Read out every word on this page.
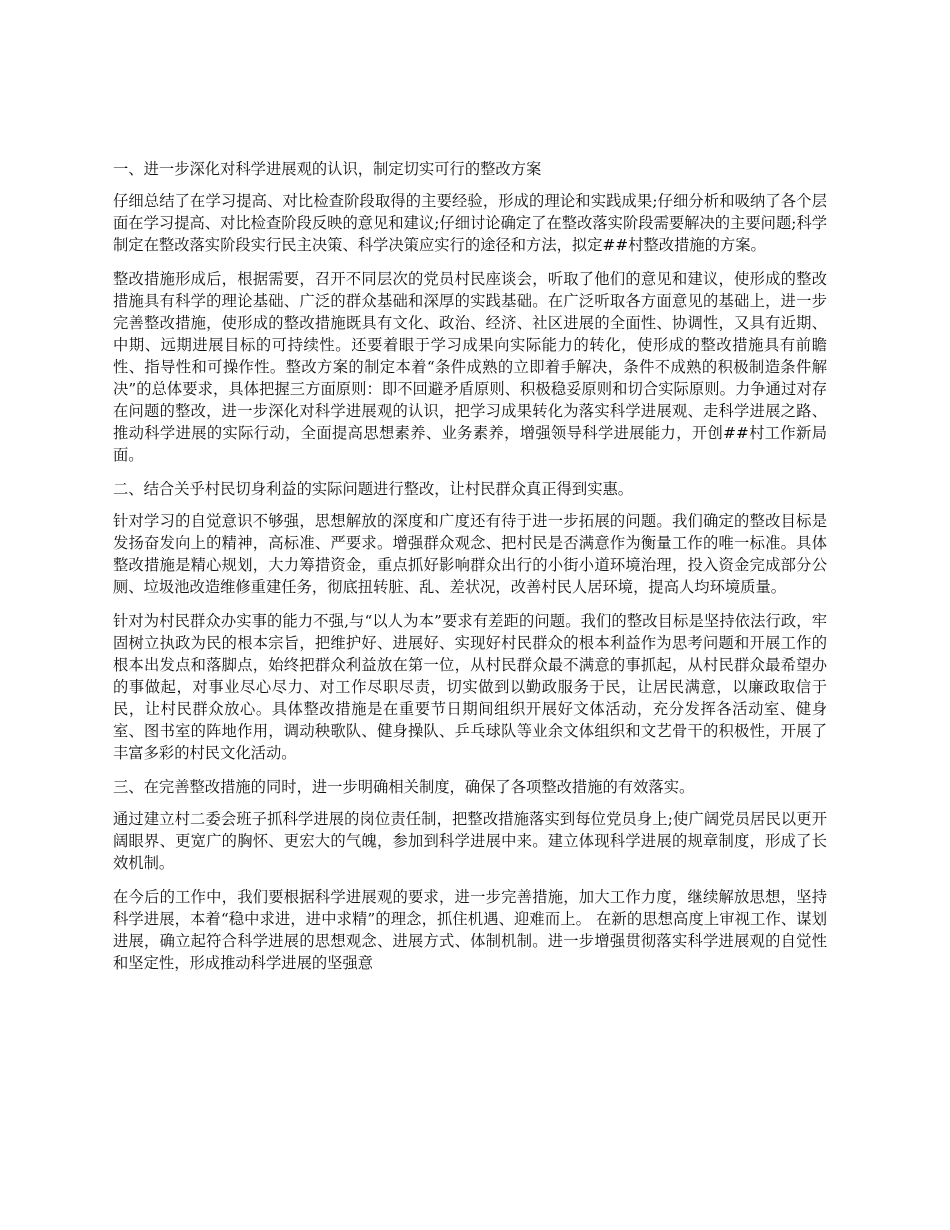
一、进一步深化对科学进展观的认识，制定切实可行的整改方案

仔细总结了在学习提高、对比检查阶段取得的主要经验，形成的理论和实践成果;仔细分析和吸纳了各个层面在学习提高、对比检查阶段反映的意见和建议;仔细讨论确定了在整改落实阶段需要解决的主要问题;科学制定在整改落实阶段实行民主决策、科学决策应实行的途径和方法，拟定##村整改措施的方案。

整改措施形成后，根据需要，召开不同层次的党员村民座谈会，听取了他们的意见和建议，使形成的整改措施具有科学的理论基础、广泛的群众基础和深厚的实践基础。在广泛听取各方面意见的基础上，进一步完善整改措施，使形成的整改措施既具有文化、政治、经济、社区进展的全面性、协调性，又具有近期、中期、远期进展目标的可持续性。还要着眼于学习成果向实际能力的转化，使形成的整改措施具有前瞻性、指导性和可操作性。整改方案的制定本着“条件成熟的立即着手解决，条件不成熟的积极制造条件解决”的总体要求，具体把握三方面原则：即不回避矛盾原则、积极稳妥原则和切合实际原则。力争通过对存在问题的整改，进一步深化对科学进展观的认识，把学习成果转化为落实科学进展观、走科学进展之路、推动科学进展的实际行动，全面提高思想素养、业务素养，增强领导科学进展能力，开创##村工作新局面。

二、结合关乎村民切身利益的实际问题进行整改，让村民群众真正得到实惠。

针对学习的自觉意识不够强，思想解放的深度和广度还有待于进一步拓展的问题。我们确定的整改目标是发扬奋发向上的精神，高标准、严要求。增强群众观念、把村民是否满意作为衡量工作的唯一标准。具体整改措施是精心规划，大力筹措资金，重点抓好影响群众出行的小街小道环境治理，投入资金完成部分公厕、垃圾池改造维修重建任务，彻底扭转脏、乱、差状况，改善村民人居环境，提高人均环境质量。

针对为村民群众办实事的能力不强,与“以人为本”要求有差距的问题。我们的整改目标是坚持依法行政，牢固树立执政为民的根本宗旨，把维护好、进展好、实现好村民群众的根本利益作为思考问题和开展工作的根本出发点和落脚点，始终把群众利益放在第一位，从村民群众最不满意的事抓起，从村民群众最希望办的事做起，对事业尽心尽力、对工作尽职尽责，切实做到以勤政服务于民，让居民满意，以廉政取信于民，让村民群众放心。具体整改措施是在重要节日期间组织开展好文体活动，充分发挥各活动室、健身室、图书室的阵地作用，调动秧歌队、健身操队、乒乓球队等业余文体组织和文艺骨干的积极性，开展了丰富多彩的村民文化活动。

三、在完善整改措施的同时，进一步明确相关制度，确保了各项整改措施的有效落实。

通过建立村二委会班子抓科学进展的岗位责任制，把整改措施落实到每位党员身上;使广阔党员居民以更开阔眼界、更宽广的胸怀、更宏大的气魄，参加到科学进展中来。建立体现科学进展的规章制度，形成了长效机制。

在今后的工作中，我们要根据科学进展观的要求，进一步完善措施，加大工作力度，继续解放思想，坚持科学进展，本着“稳中求进，进中求精”的理念，抓住机遇、迎难而上。 在新的思想高度上审视工作、谋划进展，确立起符合科学进展的思想观念、进展方式、体制机制。进一步增强贯彻落实科学进展观的自觉性和坚定性，形成推动科学进展的坚强意
